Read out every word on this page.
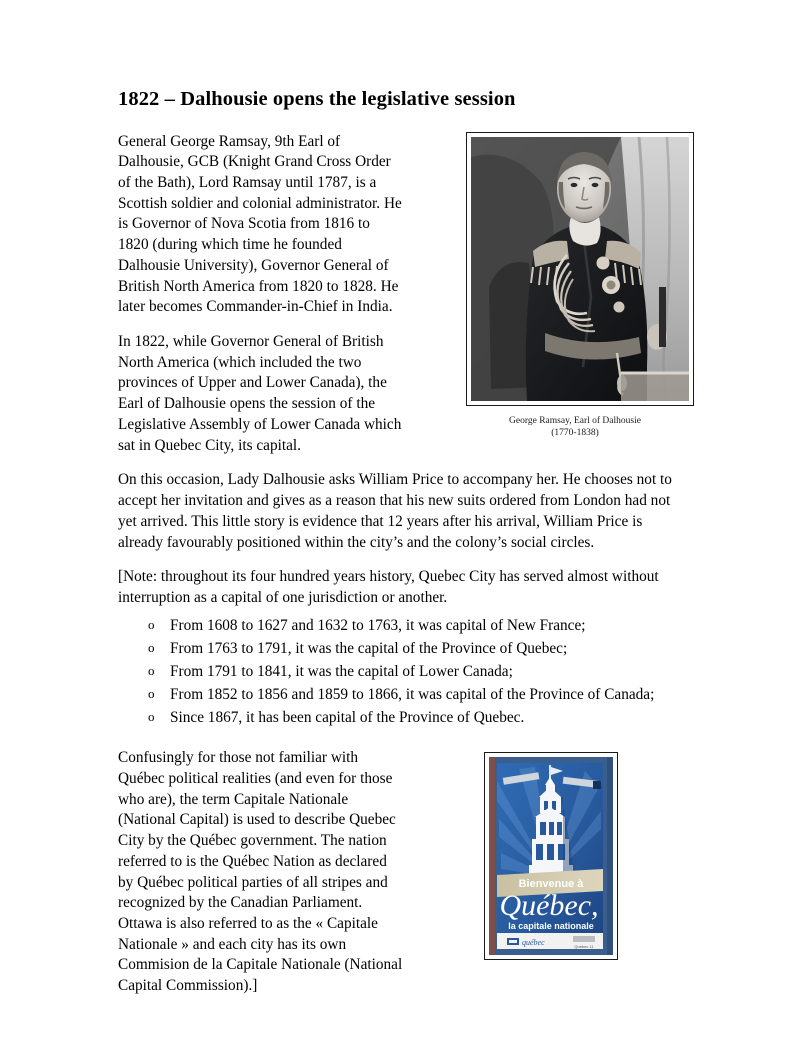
1822 – Dalhousie opens the legislative session
George Ramsay, Earl of Dalhousie
(1770-1838)

General George Ramsay, 9th Earl of Dalhousie, GCB (Knight Grand Cross Order of the Bath), Lord Ramsay until 1787, is a Scottish soldier and colonial administrator. He is Governor of Nova Scotia from 1816 to 1820 (during which time he founded Dalhousie University), Governor General of British North America from 1820 to 1828. He later becomes Commander-in-Chief in India.

In 1822, while Governor General of British North America (which included the two provinces of Upper and Lower Canada), the Earl of Dalhousie opens the session of the Legislative Assembly of Lower Canada which sat in Quebec City, its capital.

On this occasion, Lady Dalhousie asks William Price to accompany her. He chooses not to accept her invitation and gives as a reason that his new suits ordered from London had not yet arrived. This little story is evidence that 12 years after his arrival, William Price is already favourably positioned within the city’s and the colony’s social circles.

[Note: throughout its four hundred years history, Quebec City has served almost without interruption as a capital of one jurisdiction or another.

o From 1608 to 1627 and 1632 to 1763, it was capital of New France;
o From 1763 to 1791, it was the capital of the Province of Quebec;
o From 1791 to 1841, it was the capital of Lower Canada;
o From 1852 to 1856 and 1859 to 1866, it was capital of the Province of Canada;
o Since 1867, it has been capital of the Province of Quebec.
Bienvenue à
Québec,
la capitale nationale
québec	Québec 11

Confusingly for those not familiar with Québec political realities (and even for those who are), the term Capitale Nationale (National Capital) is used to describe Quebec City by the Québec government. The nation referred to is the Québec Nation as declared by Québec political parties of all stripes and recognized by the Canadian Parliament. Ottawa is also referred to as the « Capitale Nationale » and each city has its own Commision de la Capitale Nationale (National Capital Commission).]
